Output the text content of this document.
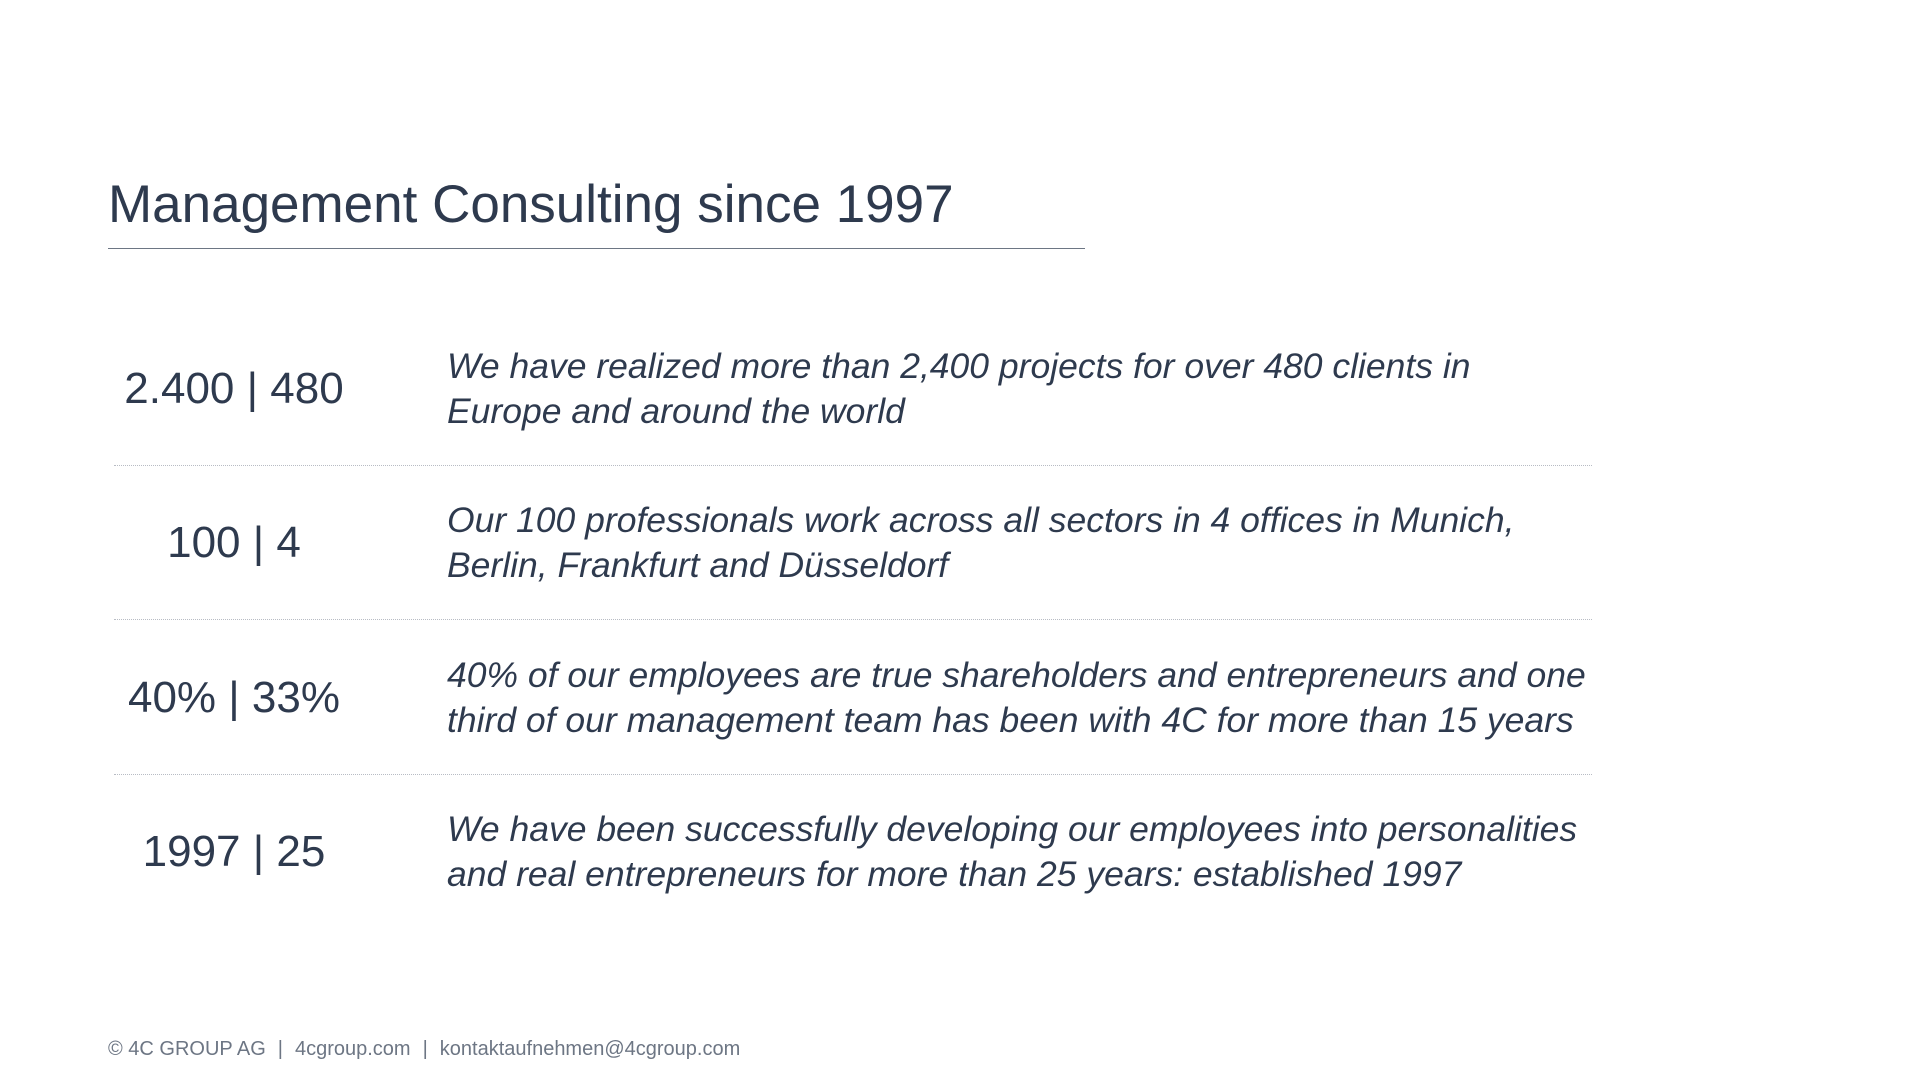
Management Consulting since 1997
2.400 | 480	We have realized more than 2,400 projects for over 480 clients in Europe and around the world
100 | 4	Our 100 professionals work across all sectors in 4 offices in Munich, Berlin, Frankfurt and Düsseldorf
40% | 33%	40% of our employees are true shareholders and entrepreneurs and one third of our management team has been with 4C for more than 15 years
1997 | 25	We have been successfully developing our employees into personalities and real entrepreneurs for more than 25 years: established 1997
© 4C GROUP AG | 4cgroup.com | kontaktaufnehmen@4cgroup.com
